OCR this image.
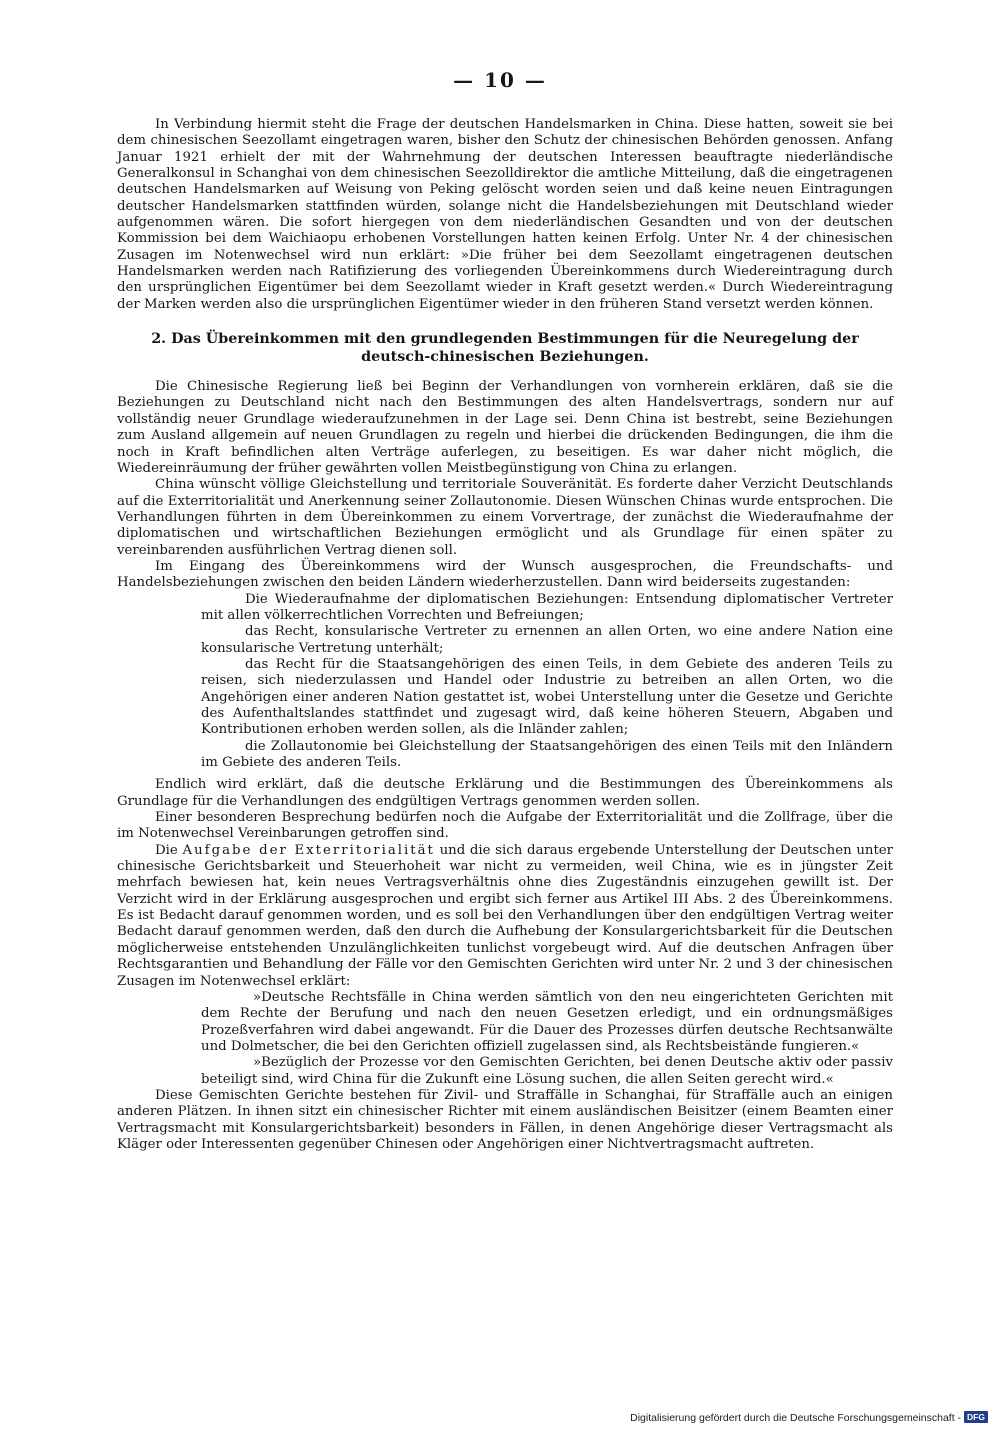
— 10 —

In Verbindung hiermit steht die Frage der deutschen Handelsmarken in China. Diese hatten, soweit sie bei dem chinesischen Seezollamt eingetragen waren, bisher den Schutz der chinesischen Behörden genossen. Anfang Januar 1921 erhielt der mit der Wahrnehmung der deutschen Interessen beauftragte niederländische Generalkonsul in Schanghai von dem chinesischen Seezolldirektor die amtliche Mitteilung, daß die eingetragenen deutschen Handelsmarken auf Weisung von Peking gelöscht worden seien und daß keine neuen Eintragungen deutscher Handelsmarken stattfinden würden, solange nicht die Handelsbeziehungen mit Deutschland wieder aufgenommen wären. Die sofort hiergegen von dem niederländischen Gesandten und von der deutschen Kommission bei dem Waichiaopu erhobenen Vorstellungen hatten keinen Erfolg. Unter Nr. 4 der chinesischen Zusagen im Notenwechsel wird nun erklärt: »Die früher bei dem Seezollamt eingetragenen deutschen Handelsmarken werden nach Ratifizierung des vorliegenden Übereinkommens durch Wiedereintragung durch den ursprünglichen Eigentümer bei dem Seezollamt wieder in Kraft gesetzt werden.« Durch Wiedereintragung der Marken werden also die ursprünglichen Eigentümer wieder in den früheren Stand versetzt werden können.

2. Das Übereinkommen mit den grundlegenden Bestimmungen für die Neuregelung der deutsch-chinesischen Beziehungen.

Die Chinesische Regierung ließ bei Beginn der Verhandlungen von vornherein erklären, daß sie die Beziehungen zu Deutschland nicht nach den Bestimmungen des alten Handelsvertrags, sondern nur auf vollständig neuer Grundlage wiederaufzunehmen in der Lage sei. Denn China ist bestrebt, seine Beziehungen zum Ausland allgemein auf neuen Grundlagen zu regeln und hierbei die drückenden Bedingungen, die ihm die noch in Kraft befindlichen alten Verträge auferlegen, zu beseitigen. Es war daher nicht möglich, die Wiedereinräumung der früher gewährten vollen Meistbegünstigung von China zu erlangen.

China wünscht völlige Gleichstellung und territoriale Souveränität. Es forderte daher Verzicht Deutschlands auf die Exterritorialität und Anerkennung seiner Zollautonomie. Diesen Wünschen Chinas wurde entsprochen. Die Verhandlungen führten in dem Übereinkommen zu einem Vorvertrage, der zunächst die Wiederaufnahme der diplomatischen und wirtschaftlichen Beziehungen ermöglicht und als Grundlage für einen später zu vereinbarenden ausführlichen Vertrag dienen soll.

Im Eingang des Übereinkommens wird der Wunsch ausgesprochen, die Freundschafts- und Handelsbeziehungen zwischen den beiden Ländern wiederherzustellen. Dann wird beiderseits zugestanden:

Die Wiederaufnahme der diplomatischen Beziehungen: Entsendung diplomatischer Vertreter mit allen völkerrechtlichen Vorrechten und Befreiungen;

das Recht, konsularische Vertreter zu ernennen an allen Orten, wo eine andere Nation eine konsularische Vertretung unterhält;

das Recht für die Staatsangehörigen des einen Teils, in dem Gebiete des anderen Teils zu reisen, sich niederzulassen und Handel oder Industrie zu betreiben an allen Orten, wo die Angehörigen einer anderen Nation gestattet ist, wobei Unterstellung unter die Gesetze und Gerichte des Aufenthaltslandes stattfindet und zugesagt wird, daß keine höheren Steuern, Abgaben und Kontributionen erhoben werden sollen, als die Inländer zahlen;

die Zollautonomie bei Gleichstellung der Staatsangehörigen des einen Teils mit den Inländern im Gebiete des anderen Teils.

Endlich wird erklärt, daß die deutsche Erklärung und die Bestimmungen des Übereinkommens als Grundlage für die Verhandlungen des endgültigen Vertrags genommen werden sollen.

Einer besonderen Besprechung bedürfen noch die Aufgabe der Exterritorialität und die Zollfrage, über die im Notenwechsel Vereinbarungen getroffen sind.

Die Aufgabe der Exterritorialität und die sich daraus ergebende Unterstellung der Deutschen unter chinesische Gerichtsbarkeit und Steuerhoheit war nicht zu vermeiden, weil China, wie es in jüngster Zeit mehrfach bewiesen hat, kein neues Vertragsverhältnis ohne dies Zugeständnis einzugehen gewillt ist. Der Verzicht wird in der Erklärung ausgesprochen und ergibt sich ferner aus Artikel III Abs. 2 des Übereinkommens. Es ist Bedacht darauf genommen worden, und es soll bei den Verhandlungen über den endgültigen Vertrag weiter Bedacht darauf genommen werden, daß den durch die Aufhebung der Konsulargerichtsbarkeit für die Deutschen möglicherweise entstehenden Unzulänglichkeiten tunlichst vorgebeugt wird. Auf die deutschen Anfragen über Rechtsgarantien und Behandlung der Fälle vor den Gemischten Gerichten wird unter Nr. 2 und 3 der chinesischen Zusagen im Notenwechsel erklärt:

»Deutsche Rechtsfälle in China werden sämtlich von den neu eingerichteten Gerichten mit dem Rechte der Berufung und nach den neuen Gesetzen erledigt, und ein ordnungsmäßiges Prozeßverfahren wird dabei angewandt. Für die Dauer des Prozesses dürfen deutsche Rechtsanwälte und Dolmetscher, die bei den Gerichten offiziell zugelassen sind, als Rechtsbeistände fungieren.«

»Bezüglich der Prozesse vor den Gemischten Gerichten, bei denen Deutsche aktiv oder passiv beteiligt sind, wird China für die Zukunft eine Lösung suchen, die allen Seiten gerecht wird.«

Diese Gemischten Gerichte bestehen für Zivil- und Straffälle in Schanghai, für Straffälle auch an einigen anderen Plätzen. In ihnen sitzt ein chinesischer Richter mit einem ausländischen Beisitzer (einem Beamten einer Vertragsmacht mit Konsulargerichtsbarkeit) besonders in Fällen, in denen Angehörige dieser Vertragsmacht als Kläger oder Interessenten gegenüber Chinesen oder Angehörigen einer Nichtvertragsmacht auftreten.

Digitalisierung gefördert durch die Deutsche Forschungsgemeinschaft - DFG
